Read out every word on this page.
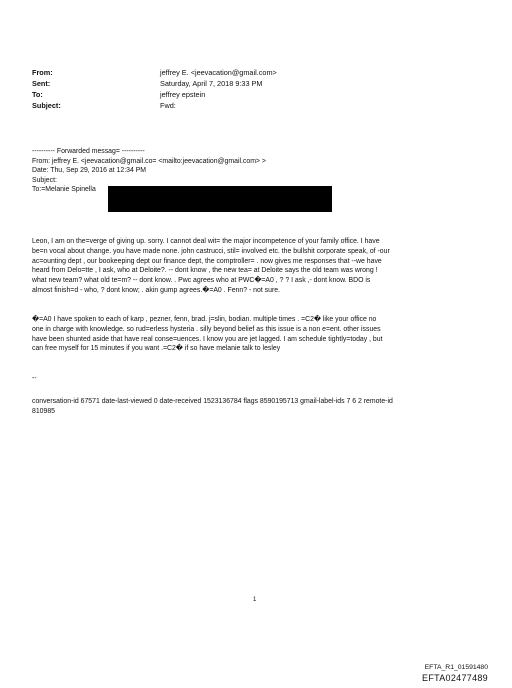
From:	jeffrey E. <jeevacation@gmail.com>
Sent:	Saturday, April 7, 2018 9:33 PM
To:	jeffrey epstein
Subject:	Fwd:
---------- Forwarded messag= ----------
From: jeffrey E. <jeevacation@gmail.co= <mailto:jeevacation@gmail.com> >
Date: Thu, Sep 29, 2016 at 12:34 PM
Subject:
To:=Melanie Spinella
Leon, I am on the=verge of giving up. sorry. I cannot deal wit= the major incompetence of your family office. I have
be=n vocal about change. you have made none. john castrucci, stil= involved etc. the bullshit corporate speak, of -our
ac=ounting dept , our bookeeping dept our finance dept, the comptroller= . now gives me responses that --we have
heard from Delo=tte , I ask, who at Deloite?. -- dont know , the new tea= at Deloite says the old team was wrong !
what new team? what old te=m? -- dont know. . Pwc agrees who at PWC�=A0 , ? ? I ask ,- dont know. BDO is
almost finish=d - who, ? dont know; . akin gump agrees.�=A0 . Fenn? - not sure.
�=A0 I have spoken to each of karp , pezner, fenn, brad. j=slin, bodian. multiple times . =C2� like your office no
one in charge with knowledge. so rud=erless hysteria . silly beyond belief as this issue is a non e=ent. other issues
have been shunted aside that have real conse=uences. I know you are jet lagged. I am schedule tightly=today , but
can free myself for 15 minutes if you want .=C2� if so have melanie talk to lesley
--
conversation-id 67571 date-last-viewed 0 date-received 1523136784 flags 8590195713 gmail-label-ids 7 6 2 remote-id
810985
1
EFTA_R1_01591480
EFTA02477489
